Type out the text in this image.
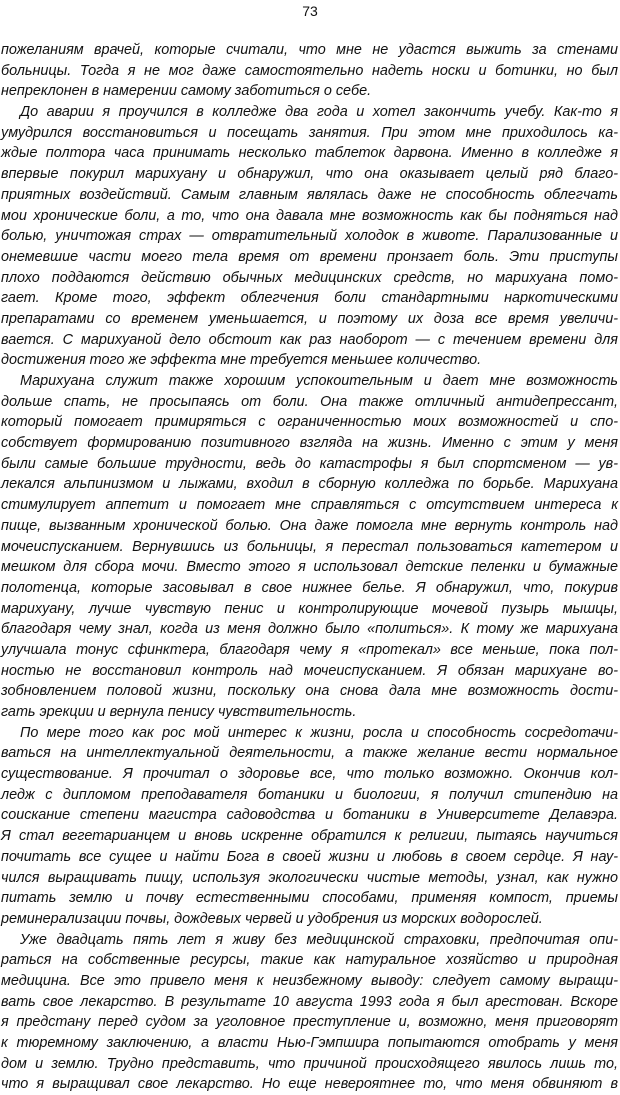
73
пожеланиям врачей, которые считали, что мне не удастся выжить за стенами
больницы. Тогда я не мог даже самостоятельно надеть носки и ботинки, но был
непреклонен в намерении самому заботиться о себе.
До аварии я проучился в колледже два года и хотел закончить учебу. Как-то я
умудрился восстановиться и посещать занятия. При этом мне приходилось ка-
ждые полтора часа принимать несколько таблеток дарвона. Именно в колледже я
впервые покурил марихуану и обнаружил, что она оказывает целый ряд благо-
приятных воздействий. Самым главным являлась даже не способность облегчать
мои хронические боли, а то, что она давала мне возможность как бы подняться над
болью, уничтожая страх — отвратительный холодок в животе. Парализованные и
онемевшие части моего тела время от времени пронзает боль. Эти приступы
плохо поддаются действию обычных медицинских средств, но марихуана помо-
гает. Кроме того, эффект облегчения боли стандартными наркотическими
препаратами со временем уменьшается, и поэтому их доза все время увеличи-
вается. С марихуаной дело обстоит как раз наоборот — с течением времени для
достижения того же эффекта мне требуется меньшее количество.
Марихуана служит также хорошим успокоительным и дает мне возможность
дольше спать, не просыпаясь от боли. Она также отличный антидепрессант,
который помогает примиряться с ограниченностью моих возможностей и спо-
собствует формированию позитивного взгляда на жизнь. Именно с этим у меня
были самые большие трудности, ведь до катастрофы я был спортсменом — ув-
лекался альпинизмом и лыжами, входил в сборную колледжа по борьбе. Марихуана
стимулирует аппетит и помогает мне справляться с отсутствием интереса к
пище, вызванным хронической болью. Она даже помогла мне вернуть контроль над
мочеиспусканием. Вернувшись из больницы, я перестал пользоваться катетером и
мешком для сбора мочи. Вместо этого я использовал детские пеленки и бумажные
полотенца, которые засовывал в свое нижнее белье. Я обнаружил, что, покурив
марихуану, лучше чувствую пенис и контролирующие мочевой пузырь мышцы,
благодаря чему знал, когда из меня должно было «политься». К тому же марихуана
улучшала тонус сфинктера, благодаря чему я «протекал» все меньше, пока пол-
ностью не восстановил контроль над мочеиспусканием. Я обязан марихуане во-
зобновлением половой жизни, поскольку она снова дала мне возможность дости-
гать эрекции и вернула пенису чувствительность.
По мере того как рос мой интерес к жизни, росла и способность сосредотачи-
ваться на интеллектуальной деятельности, а также желание вести нормальное
существование. Я прочитал о здоровье все, что только возможно. Окончив кол-
ледж с дипломом преподавателя ботаники и биологии, я получил стипендию на
соискание степени магистра садоводства и ботаники в Университете Делавэра.
Я стал вегетарианцем и вновь искренне обратился к религии, пытаясь научиться
почитать все сущее и найти Бога в своей жизни и любовь в своем сердце. Я нау-
чился выращивать пищу, используя экологически чистые методы, узнал, как нужно
питать землю и почву естественными способами, применяя компост, приемы
реминерализации почвы, дождевых червей и удобрения из морских водорослей.
Уже двадцать пять лет я живу без медицинской страховки, предпочитая опи-
раться на собственные ресурсы, такие как натуральное хозяйство и природная
медицина. Все это привело меня к неизбежному выводу: следует самому выращи-
вать свое лекарство. В результате 10 августа 1993 года я был арестован. Вскоре
я предстану перед судом за уголовное преступление и, возможно, меня приговорят
к тюремному заключению, а власти Нью-Гэмпшира попытаются отобрать у меня
дом и землю. Трудно представить, что причиной происходящего явилось лишь то,
что я выращивал свое лекарство. Но еще невероятнее то, что меня обвиняют в
